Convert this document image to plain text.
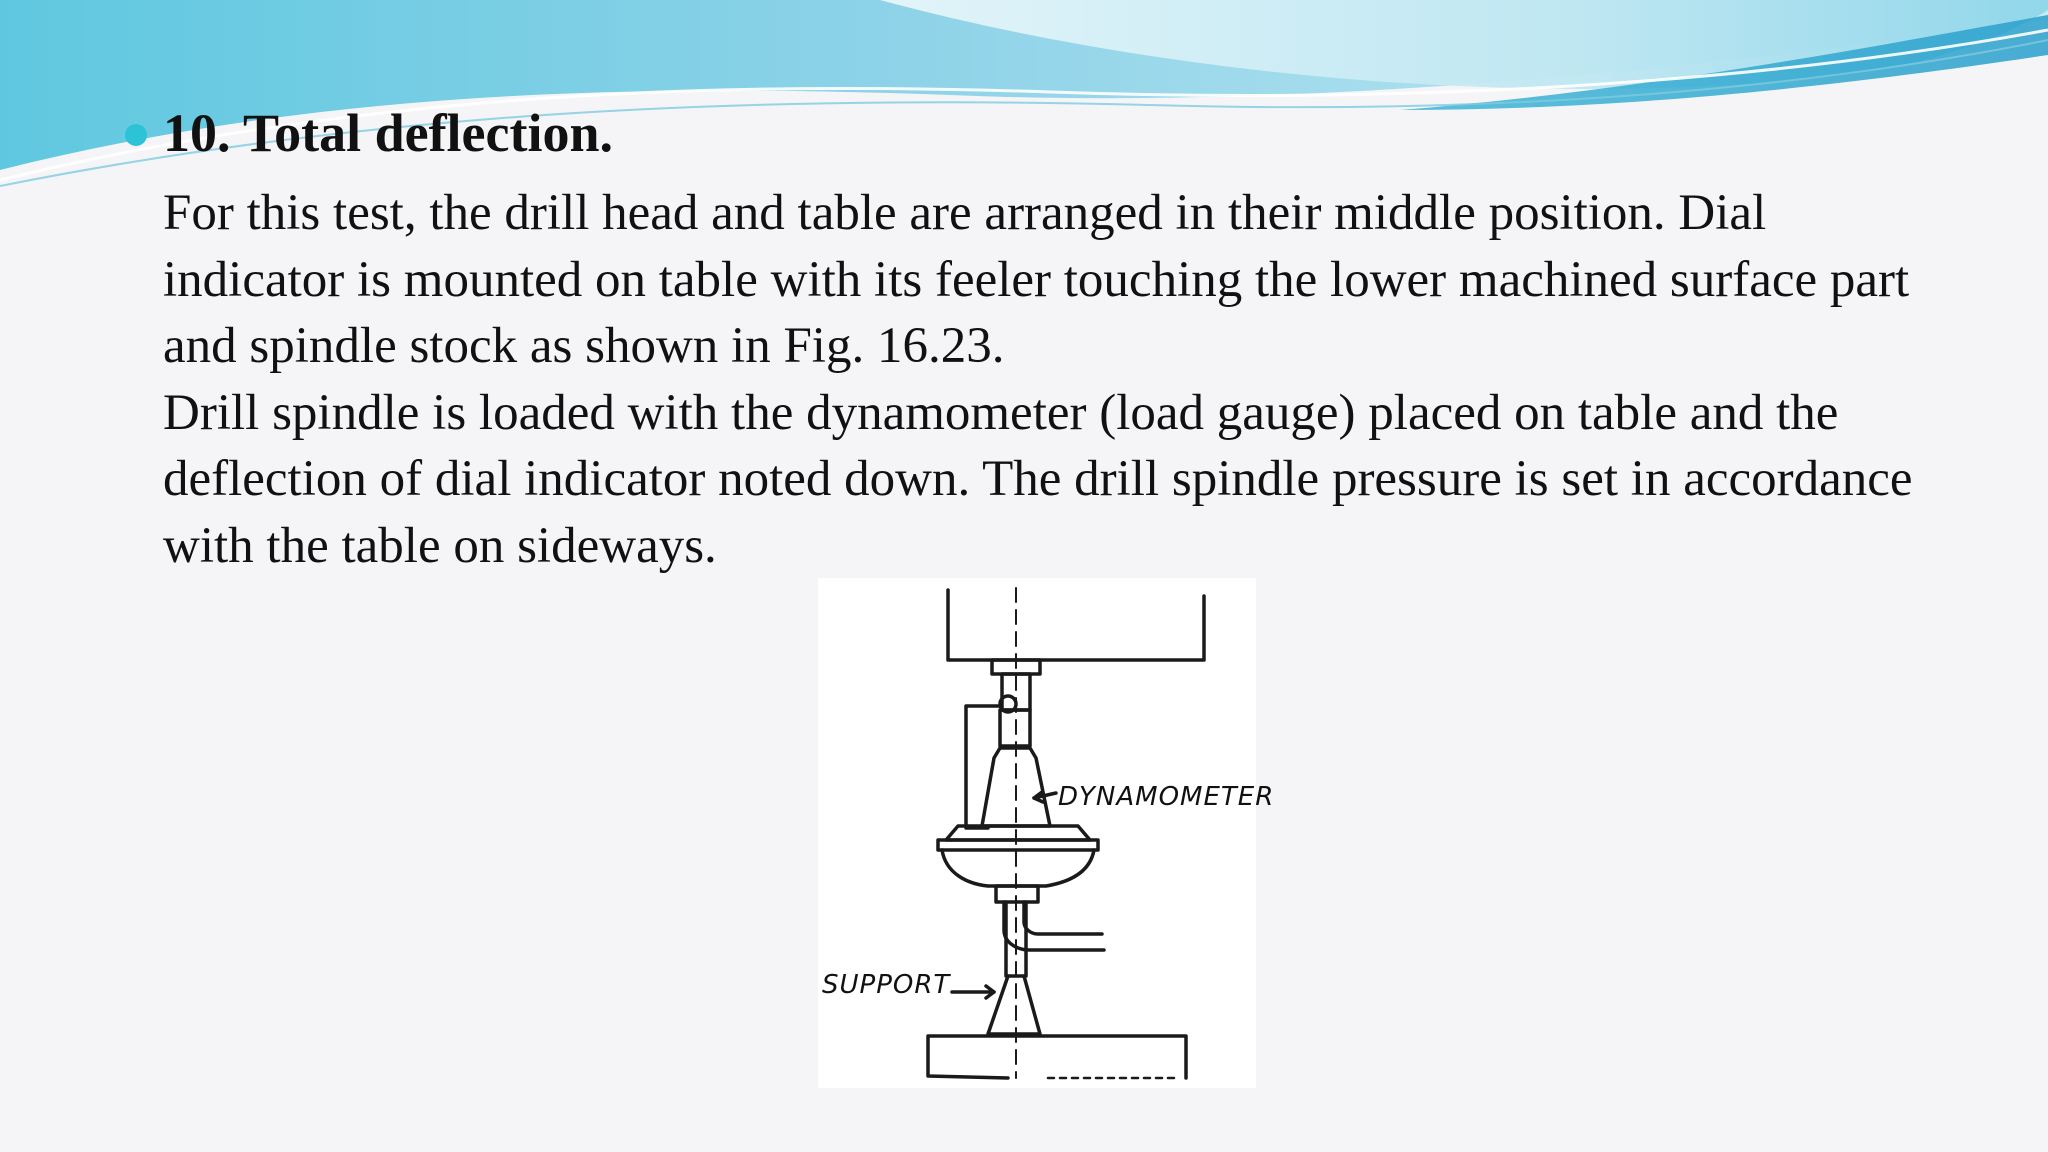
10. Total deflection.

For this test, the drill head and table are arranged in their middle position. Dial indicator is mounted on table with its feeler touching the lower machined surface part and spindle stock as shown in Fig. 16.23.

Drill spindle is loaded with the dynamometer (load gauge) placed on table and the deflection of dial indicator noted down. The drill spindle pressure is set in accordance with the table on sideways.

DYNAMOMETER
SUPPORT
